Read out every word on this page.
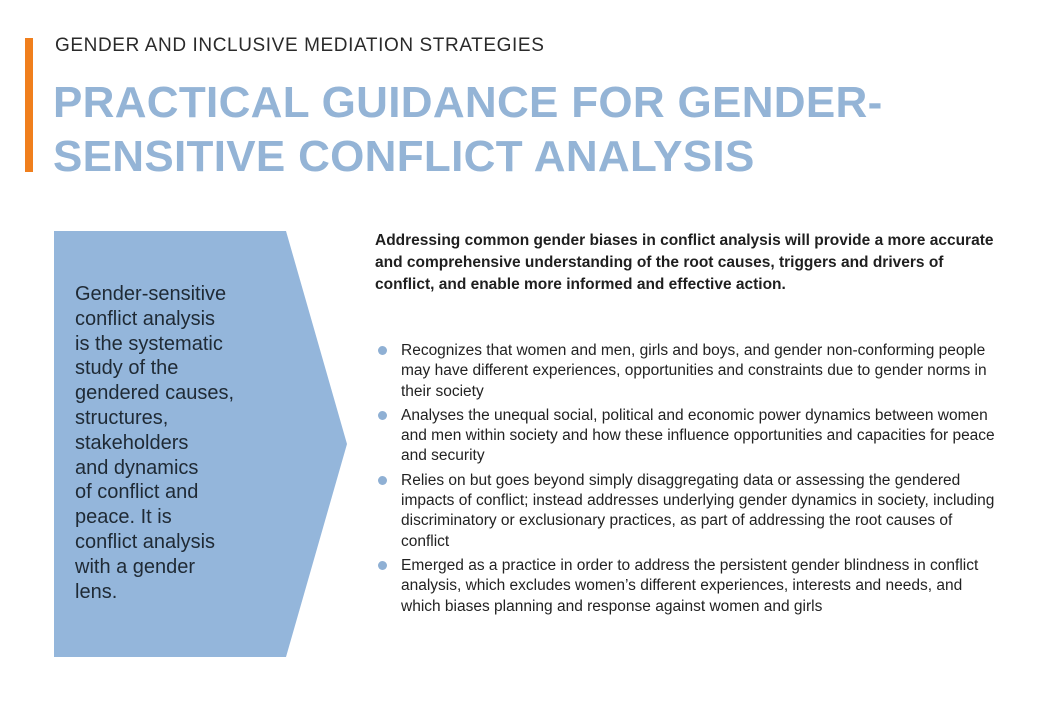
GENDER AND INCLUSIVE MEDIATION STRATEGIES

PRACTICAL GUIDANCE FOR GENDER-
SENSITIVE CONFLICT ANALYSIS

Gender-sensitive
conflict analysis
is the systematic
study of the
gendered causes,
structures,
stakeholders
and dynamics
of conflict and
peace. It is
conflict analysis
with a gender
lens.

Addressing common gender biases in conflict analysis will provide a more accurate and comprehensive understanding of the root causes, triggers and drivers of conflict, and enable more informed and effective action.

Recognizes that women and men, girls and boys, and gender non-conforming people may have different experiences, opportunities and constraints due to gender norms in their society
Analyses the unequal social, political and economic power dynamics between women and men within society and how these influence opportunities and capacities for peace and security
Relies on but goes beyond simply disaggregating data or assessing the gendered impacts of conflict; instead addresses underlying gender dynamics in society, including discriminatory or exclusionary practices, as part of addressing the root causes of conflict
Emerged as a practice in order to address the persistent gender blindness in conflict analysis, which excludes women’s different experiences, interests and needs, and which biases planning and response against women and girls
